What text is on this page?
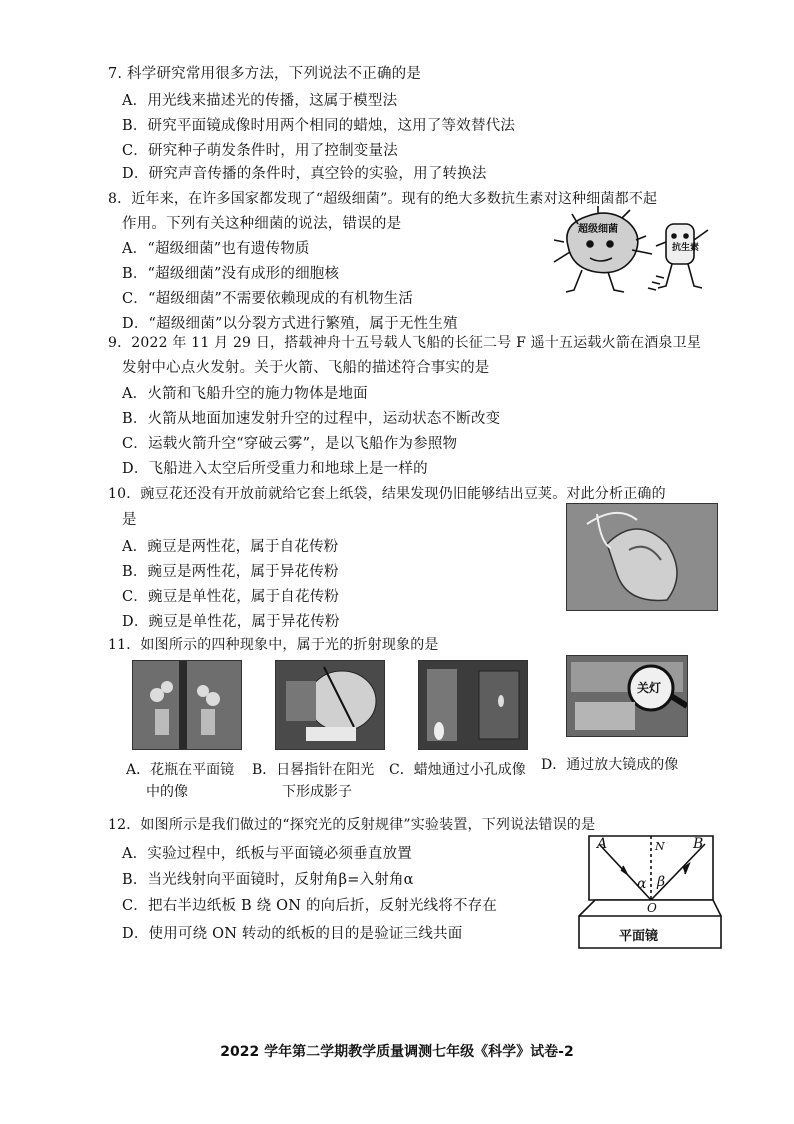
7. 科学研究常用很多方法，下列说法不正确的是
A．用光线来描述光的传播，这属于模型法
B．研究平面镜成像时用两个相同的蜡烛，这用了等效替代法
C．研究种子萌发条件时，用了控制变量法
D．研究声音传播的条件时，真空铃的实验，用了转换法
8．近年来，在许多国家都发现了“超级细菌”。现有的绝大多数抗生素对这种细菌都不起
作用。下列有关这种细菌的说法，错误的是
A．“超级细菌”也有遗传物质
B．“超级细菌”没有成形的细胞核
C．“超级细菌”不需要依赖现成的有机物生活
D．“超级细菌”以分裂方式进行繁殖，属于无性生殖
超级细菌
抗生素
9．2022 年 11 月 29 日，搭载神舟十五号载人飞船的长征二号 F 遥十五运载火箭在酒泉卫星
发射中心点火发射。关于火箭、飞船的描述符合事实的是
A．火箭和飞船升空的施力物体是地面
B．火箭从地面加速发射升空的过程中，运动状态不断改变
C．运载火箭升空“穿破云雾”，是以飞船作为参照物
D．飞船进入太空后所受重力和地球上是一样的
10．豌豆花还没有开放前就给它套上纸袋，结果发现仍旧能够结出豆荚。对此分析正确的
是
A．豌豆是两性花，属于自花传粉
B．豌豆是两性花，属于异花传粉
C．豌豆是单性花，属于自花传粉
D．豌豆是单性花，属于异花传粉
11．如图所示的四种现象中，属于光的折射现象的是
关灯
A．花瓶在平面镜
中的像
B．日晷指针在阳光
下形成影子
C．蜡烛通过小孔成像 D．通过放大镜成的像
12．如图所示是我们做过的“探究光的反射规律”实验装置，下列说法错误的是
A．实验过程中，纸板与平面镜必须垂直放置
B．当光线射向平面镜时，反射角β=入射角α
C．把右半边纸板 B 绕 ON 的向后折，反射光线将不存在
D．使用可绕 ON 转动的纸板的目的是验证三线共面
A	B
N
α β
O
平面镜
2022 学年第二学期教学质量调测七年级《科学》试卷-2
